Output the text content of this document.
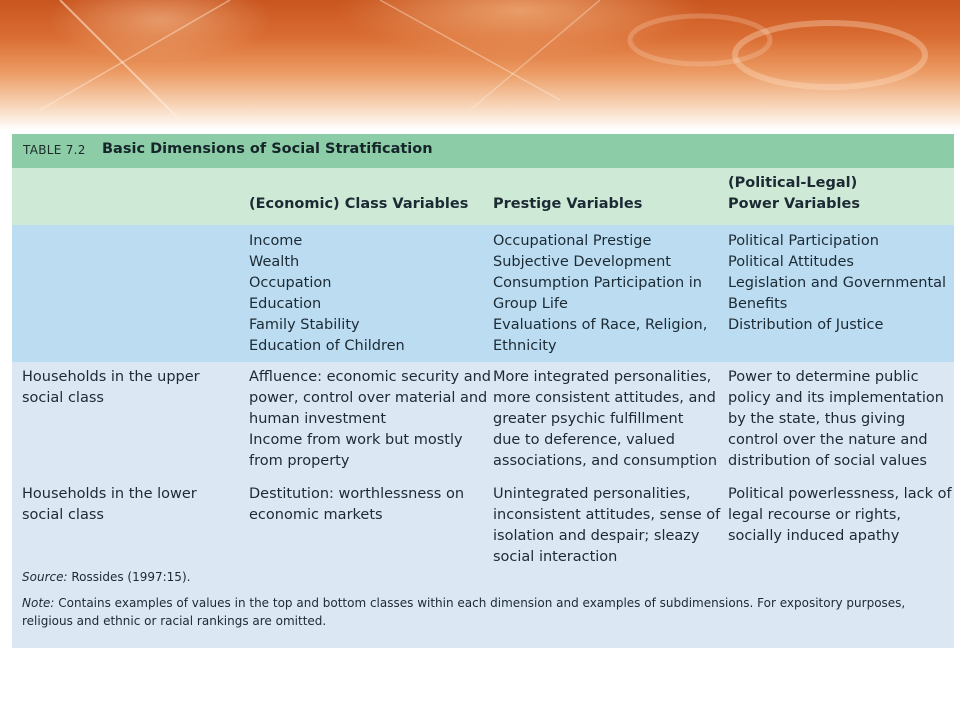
TABLE 7.2 Basic Dimensions of Social Stratification
(Economic) Class Variables Prestige Variables
(Political-Legal)
Power Variables
Income
Wealth
Occupation
Education
Family Stability
Education of Children
Occupational Prestige
Subjective Development
Consumption Participation in
Group Life
Evaluations of Race, Religion,
Ethnicity
Political Participation
Political Attitudes
Legislation and Governmental
Benefits
Distribution of Justice
Households in the upper
social class
Affluence: economic security and
power, control over material and
human investment
Income from work but mostly
from property
More integrated personalities,
more consistent attitudes, and
greater psychic fulfillment
due to deference, valued
associations, and consumption
Power to determine public
policy and its implementation
by the state, thus giving
control over the nature and
distribution of social values
Households in the lower
social class
Destitution: worthlessness on
economic markets
Unintegrated personalities,
inconsistent attitudes, sense of
isolation and despair; sleazy
social interaction
Political powerlessness, lack of
legal recourse or rights,
socially induced apathy
Source: Rossides (1997:15).
Note: Contains examples of values in the top and bottom classes within each dimension and examples of subdimensions. For expository purposes,
religious and ethnic or racial rankings are omitted.
